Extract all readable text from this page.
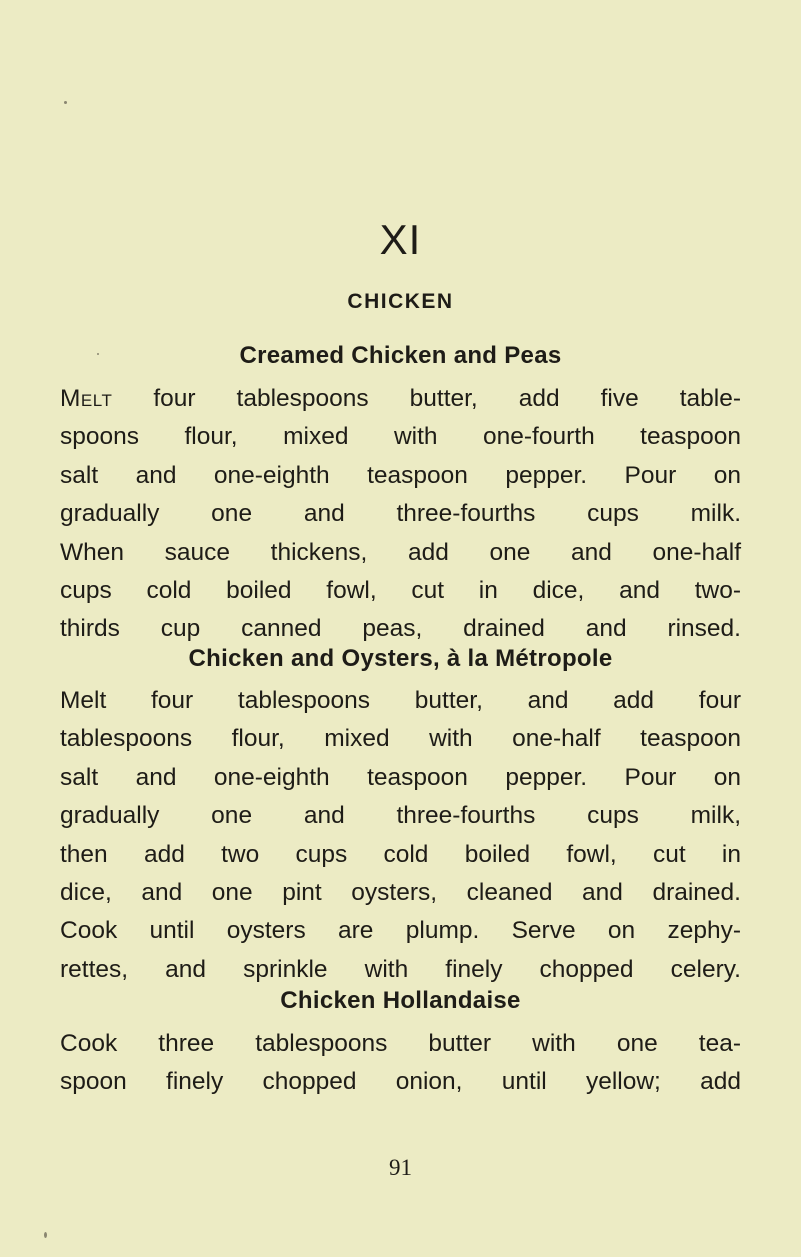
XI
CHICKEN
Creamed Chicken and Peas
Melt four tablespoons butter, add five table-
spoons flour, mixed with one-fourth teaspoon
salt and one-eighth teaspoon pepper. Pour on
gradually one and three-fourths cups milk.
When sauce thickens, add one and one-half
cups cold boiled fowl, cut in dice, and two-
thirds cup canned peas, drained and rinsed.
Chicken and Oysters, à la Métropole
Melt four tablespoons butter, and add four
tablespoons flour, mixed with one-half teaspoon
salt and one-eighth teaspoon pepper. Pour on
gradually one and three-fourths cups milk,
then add two cups cold boiled fowl, cut in
dice, and one pint oysters, cleaned and drained.
Cook until oysters are plump. Serve on zephy-
rettes, and sprinkle with finely chopped celery.
Chicken Hollandaise
Cook three tablespoons butter with one tea-
spoon finely chopped onion, until yellow; add
91
